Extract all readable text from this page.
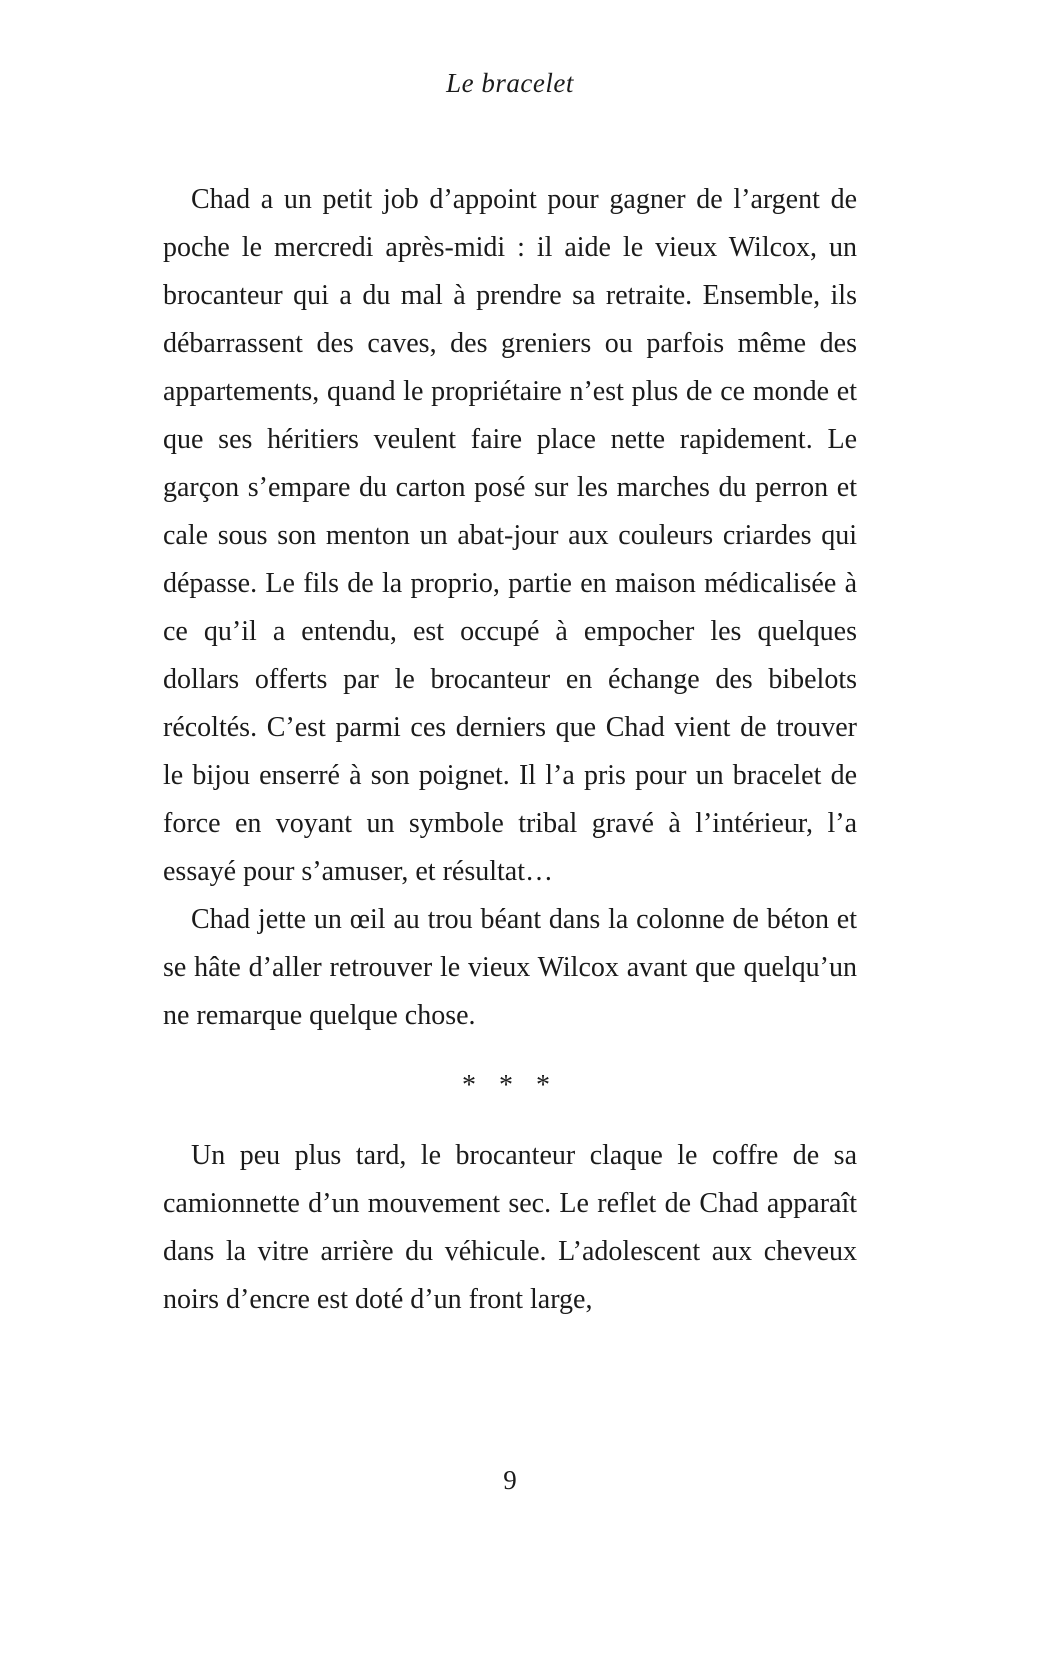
Le bracelet

Chad a un petit job d’appoint pour gagner de l’argent de poche le mercredi après-midi : il aide le vieux Wilcox, un brocanteur qui a du mal à prendre sa retraite. Ensemble, ils débarrassent des caves, des greniers ou parfois même des appartements, quand le propriétaire n’est plus de ce monde et que ses héritiers veulent faire place nette rapidement. Le garçon s’empare du carton posé sur les marches du perron et cale sous son menton un abat-jour aux couleurs criardes qui dépasse. Le fils de la proprio, partie en maison médicalisée à ce qu’il a entendu, est occupé à empocher les quelques dollars offerts par le brocanteur en échange des bibelots récoltés. C’est parmi ces derniers que Chad vient de trouver le bijou enserré à son poignet. Il l’a pris pour un bracelet de force en voyant un symbole tribal gravé à l’intérieur, l’a essayé pour s’amuser, et résultat…

Chad jette un œil au trou béant dans la colonne de béton et se hâte d’aller retrouver le vieux Wilcox avant que quelqu’un ne remarque quelque chose.

* * *

Un peu plus tard, le brocanteur claque le coffre de sa camionnette d’un mouvement sec. Le reflet de Chad apparaît dans la vitre arrière du véhicule. L’adolescent aux cheveux noirs d’encre est doté d’un front large,

9
